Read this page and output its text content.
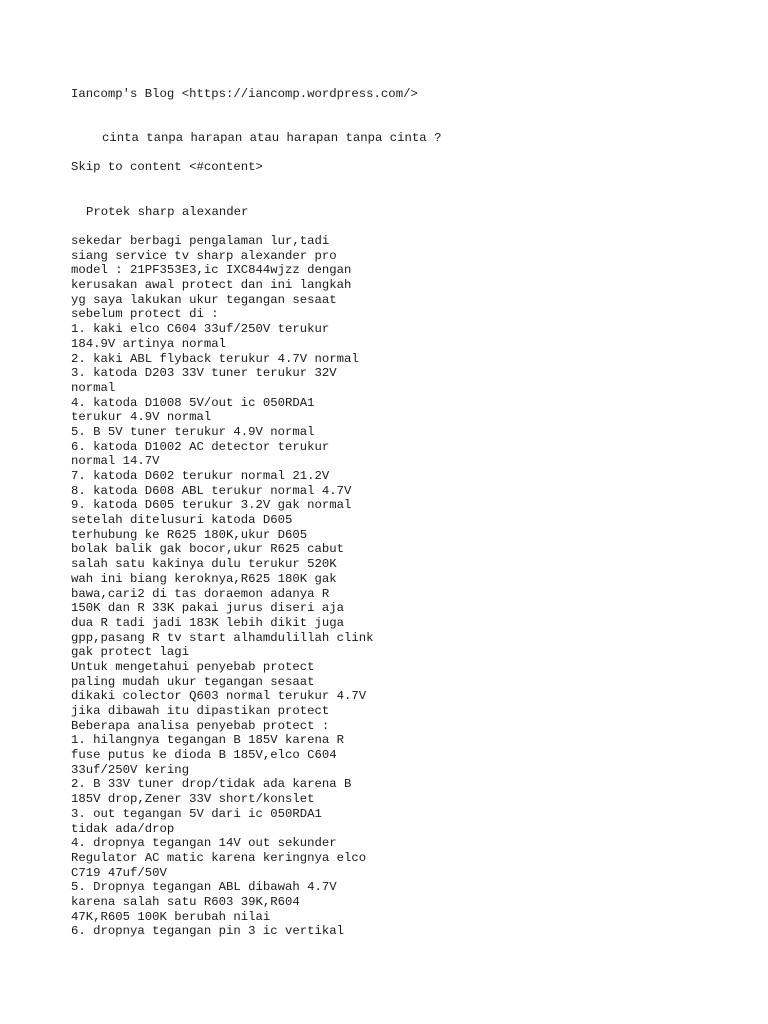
Iancomp's Blog <https://iancomp.wordpress.com/>

cinta tanpa harapan atau harapan tanpa cinta ?

Skip to content <#content>

Protek sharp alexander

sekedar berbagi pengalaman lur,tadi
siang service tv sharp alexander pro
model : 21PF353E3,ic IXC844wjzz dengan
kerusakan awal protect dan ini langkah
yg saya lakukan ukur tegangan sesaat
sebelum protect di :
1. kaki elco C604 33uf/250V terukur
184.9V artinya normal
2. kaki ABL flyback terukur 4.7V normal
3. katoda D203 33V tuner terukur 32V
normal
4. katoda D1008 5V/out ic 050RDA1
terukur 4.9V normal
5. B 5V tuner terukur 4.9V normal
6. katoda D1002 AC detector terukur
normal 14.7V
7. katoda D602 terukur normal 21.2V
8. katoda D608 ABL terukur normal 4.7V
9. katoda D605 terukur 3.2V gak normal
setelah ditelusuri katoda D605
terhubung ke R625 180K,ukur D605
bolak balik gak bocor,ukur R625 cabut
salah satu kakinya dulu terukur 520K
wah ini biang keroknya,R625 180K gak
bawa,cari2 di tas doraemon adanya R
150K dan R 33K pakai jurus diseri aja
dua R tadi jadi 183K lebih dikit juga
gpp,pasang R tv start alhamdulillah clink
gak protect lagi
Untuk mengetahui penyebab protect
paling mudah ukur tegangan sesaat
dikaki colector Q603 normal terukur 4.7V
jika dibawah itu dipastikan protect
Beberapa analisa penyebab protect :
1. hilangnya tegangan B 185V karena R
fuse putus ke dioda B 185V,elco C604
33uf/250V kering
2. B 33V tuner drop/tidak ada karena B
185V drop,Zener 33V short/konslet
3. out tegangan 5V dari ic 050RDA1
tidak ada/drop
4. dropnya tegangan 14V out sekunder
Regulator AC matic karena keringnya elco
C719 47uf/50V
5. Dropnya tegangan ABL dibawah 4.7V
karena salah satu R603 39K,R604
47K,R605 100K berubah nilai
6. dropnya tegangan pin 3 ic vertikal
